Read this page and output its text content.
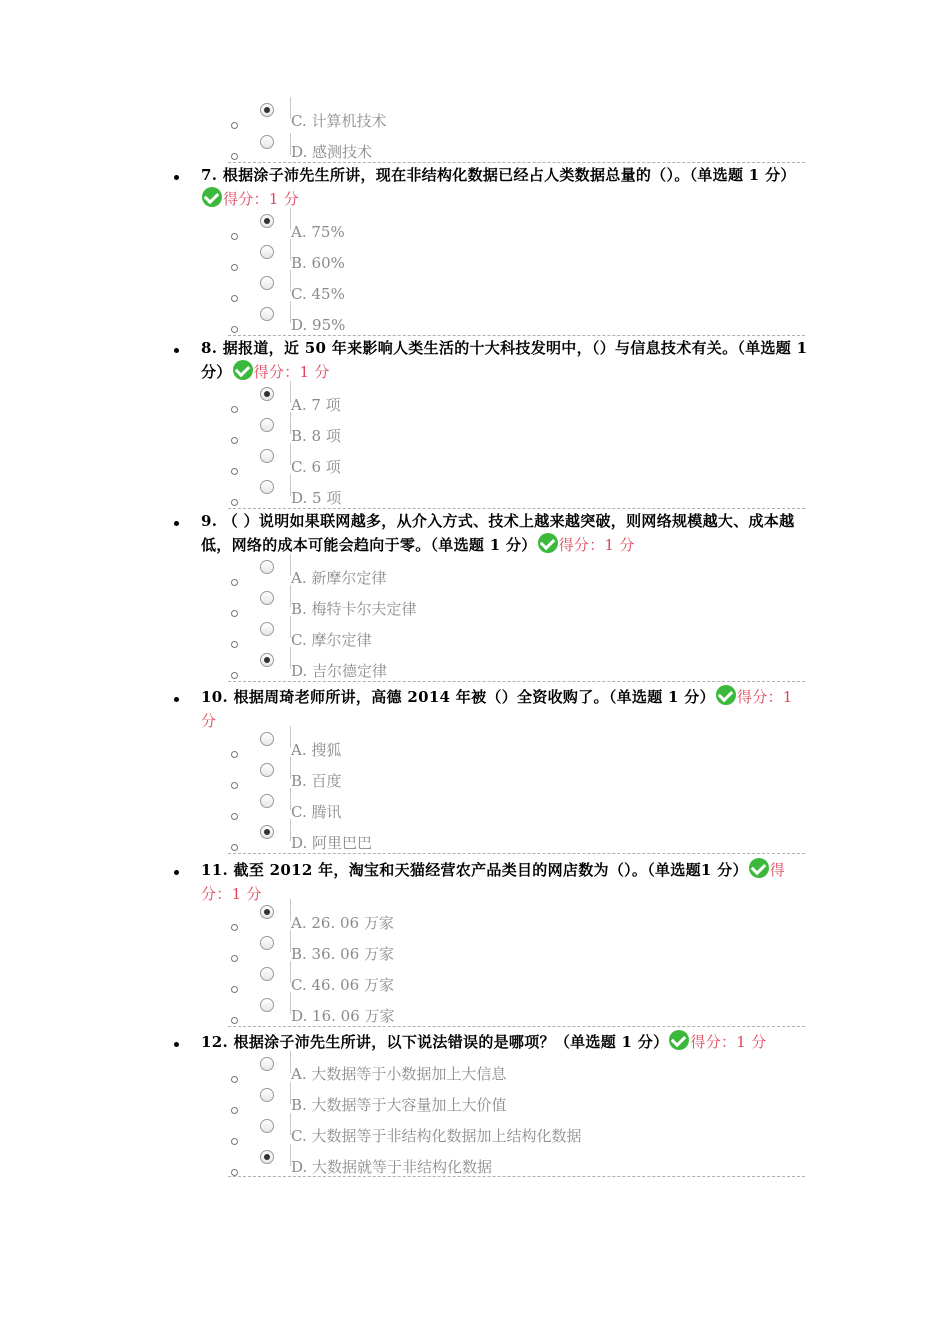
C. 计算机技术
D. 感测技术
7. 根据涂子沛先生所讲，现在非结构化数据已经占人类数据总量的（）。（单选题 1 分）得分：1 分
A. 75%
B. 60%
C. 45%
D. 95%
8. 据报道，近 50 年来影响人类生活的十大科技发明中，（）与信息技术有关。（单选题 1 分） 得分：1 分
A. 7 项
B. 8 项
C. 6 项
D. 5 项
9. （ ）说明如果联网越多，从介入方式、技术上越来越突破，则网络规模越大、成本越低，网络的成本可能会趋向于零。（单选题 1 分） 得分：1 分
A. 新摩尔定律
B. 梅特卡尔夫定律
C. 摩尔定律
D. 吉尔德定律
10. 根据周琦老师所讲，高德 2014 年被（）全资收购了。（单选题 1 分） 得分：1 分
A. 搜狐
B. 百度
C. 腾讯
D. 阿里巴巴
11. 截至 2012 年，淘宝和天猫经营农产品类目的网店数为（）。（单选题1 分） 得分：1 分
A. 26. 06 万家
B. 36. 06 万家
C. 46. 06 万家
D. 16. 06 万家
12. 根据涂子沛先生所讲，以下说法错误的是哪项？（单选题 1 分） 得分：1 分
A. 大数据等于小数据加上大信息
B. 大数据等于大容量加上大价值
C. 大数据等于非结构化数据加上结构化数据
D. 大数据就等于非结构化数据
